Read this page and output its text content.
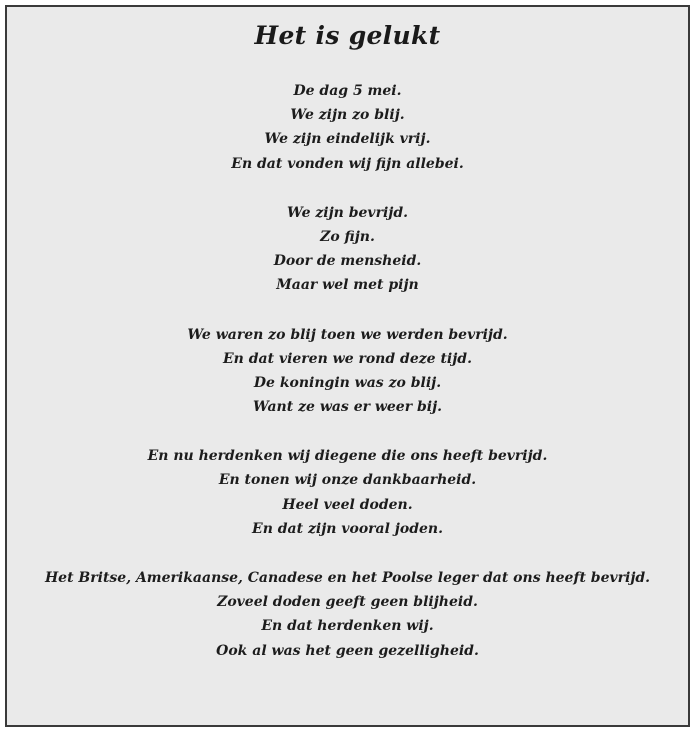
Het is gelukt
De dag 5 mei.
We zijn zo blij.
We zijn eindelijk vrij.
En dat vonden wij fijn allebei.
We zijn bevrijd.
Zo fijn.
Door de mensheid.
Maar wel met pijn
We waren zo blij toen we werden bevrijd.
En dat vieren we rond deze tijd.
De koningin was zo blij.
Want ze was er weer bij.
En nu herdenken wij diegene die ons heeft bevrijd.
En tonen wij onze dankbaarheid.
Heel veel doden.
En dat zijn vooral joden.
Het Britse, Amerikaanse, Canadese en het Poolse leger dat ons heeft bevrijd.
Zoveel doden geeft geen blijheid.
En dat herdenken wij.
Ook al was het geen gezelligheid.
